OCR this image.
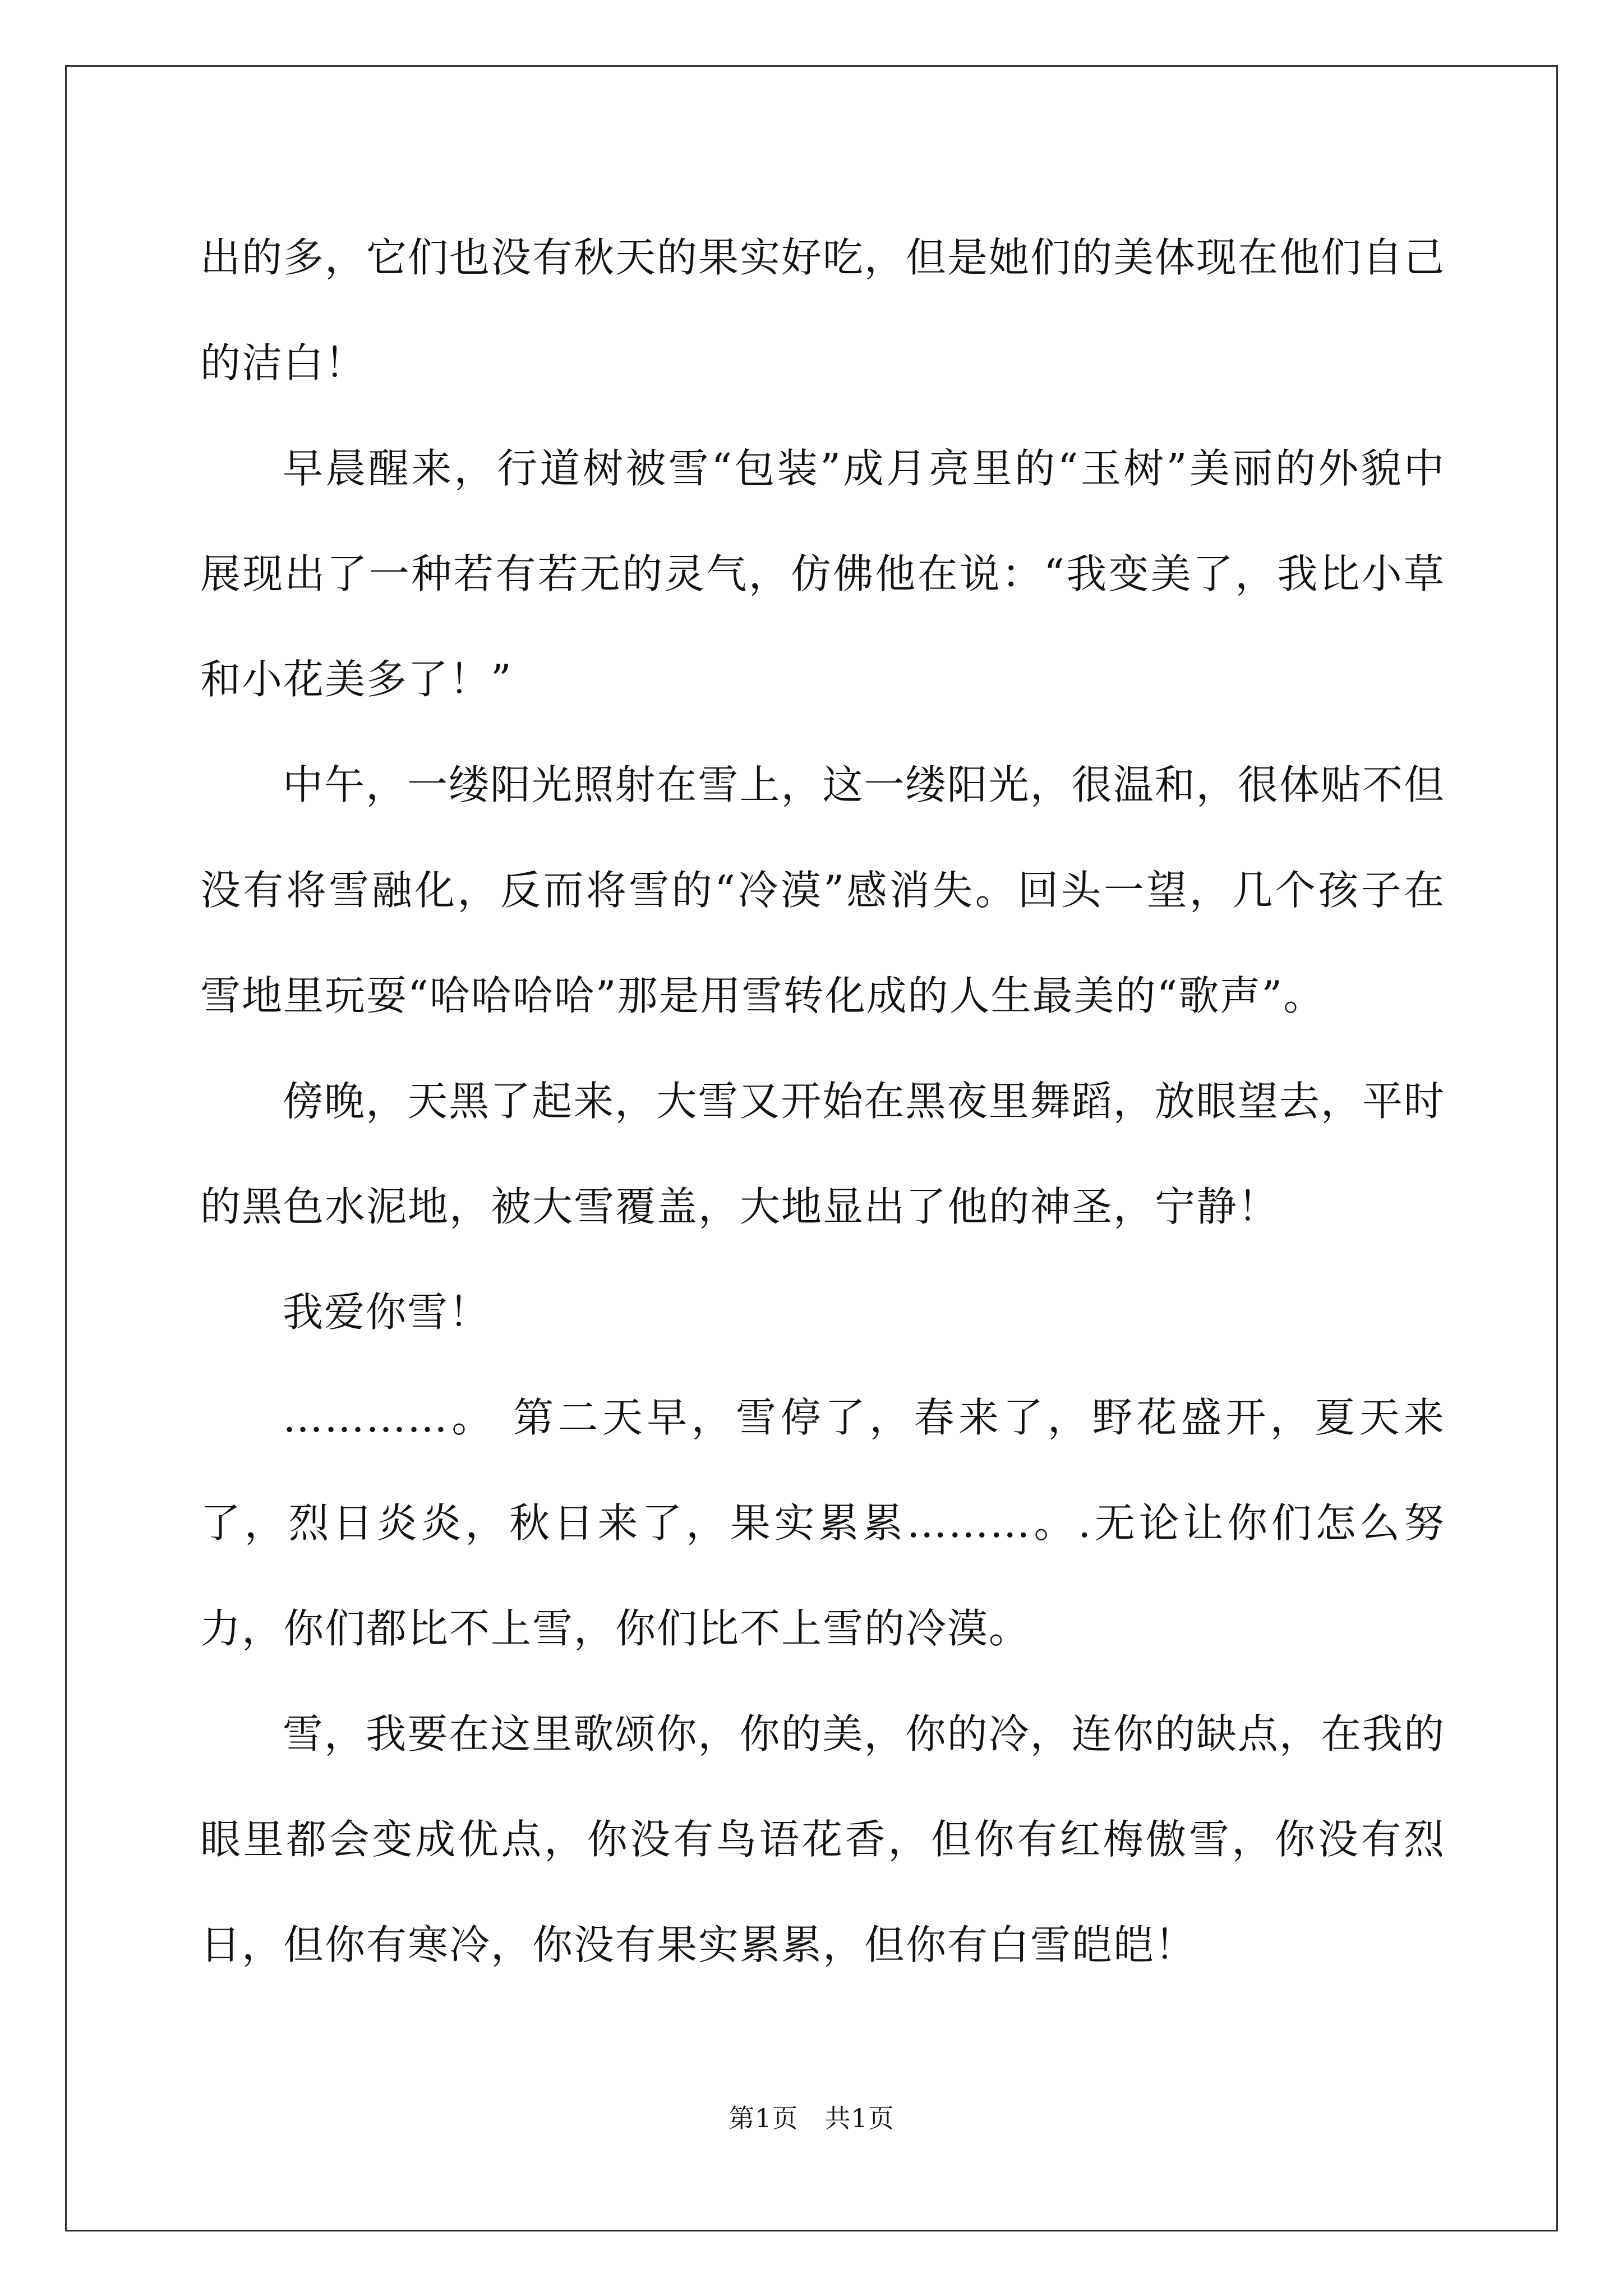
出的多，它们也没有秋天的果实好吃，但是她们的美体现在他们自己的洁白！

早晨醒来，行道树被雪“包装”成月亮里的“玉树”美丽的外貌中展现出了一种若有若无的灵气，仿佛他在说：“我变美了，我比小草和小花美多了！”

中午，一缕阳光照射在雪上，这一缕阳光，很温和，很体贴不但没有将雪融化，反而将雪的“冷漠”感消失。回头一望，几个孩子在雪地里玩耍“哈哈哈哈”那是用雪转化成的人生最美的“歌声”。

傍晚，天黑了起来，大雪又开始在黑夜里舞蹈，放眼望去，平时的黑色水泥地，被大雪覆盖，大地显出了他的神圣，宁静！

我爱你雪！

…………。 第二天早，雪停了，春来了，野花盛开，夏天来了，烈日炎炎，秋日来了，果实累累………。.无论让你们怎么努力，你们都比不上雪，你们比不上雪的冷漠。

雪，我要在这里歌颂你，你的美，你的冷，连你的缺点，在我的眼里都会变成优点，你没有鸟语花香，但你有红梅傲雪，你没有烈日，但你有寒冷，你没有果实累累，但你有白雪皑皑！

第1页　共1页
